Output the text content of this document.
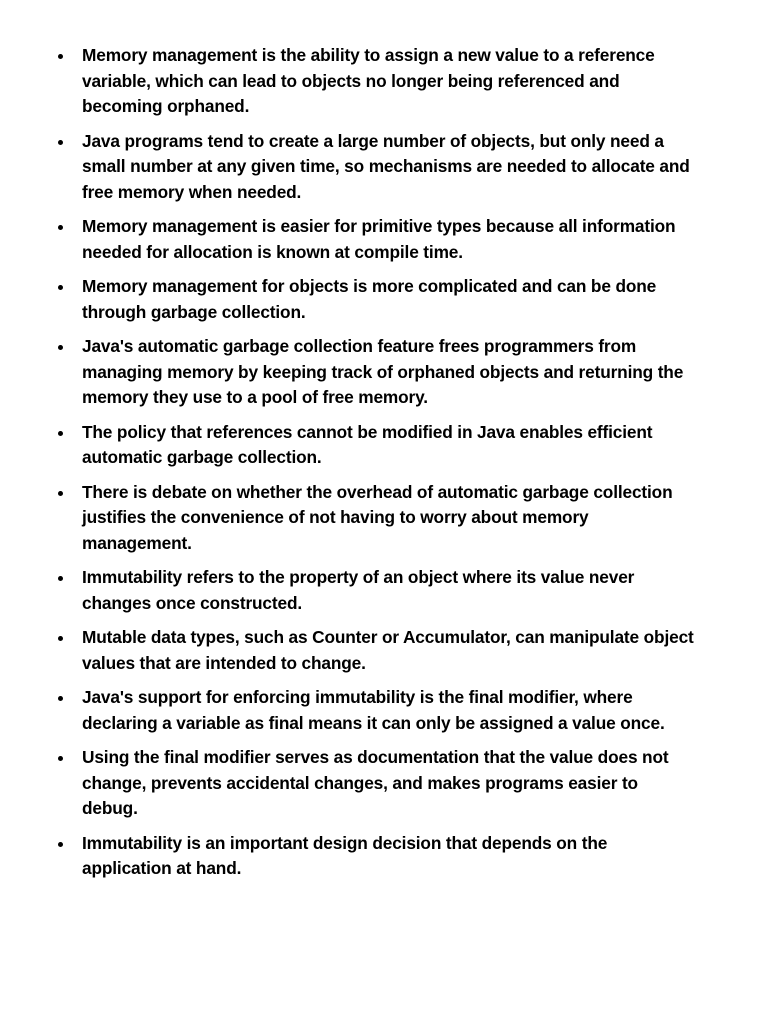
Memory management is the ability to assign a new value to a reference variable, which can lead to objects no longer being referenced and becoming orphaned.
Java programs tend to create a large number of objects, but only need a small number at any given time, so mechanisms are needed to allocate and free memory when needed.
Memory management is easier for primitive types because all information needed for allocation is known at compile time.
Memory management for objects is more complicated and can be done through garbage collection.
Java's automatic garbage collection feature frees programmers from managing memory by keeping track of orphaned objects and returning the memory they use to a pool of free memory.
The policy that references cannot be modified in Java enables efficient automatic garbage collection.
There is debate on whether the overhead of automatic garbage collection justifies the convenience of not having to worry about memory management.
Immutability refers to the property of an object where its value never changes once constructed.
Mutable data types, such as Counter or Accumulator, can manipulate object values that are intended to change.
Java's support for enforcing immutability is the final modifier, where declaring a variable as final means it can only be assigned a value once.
Using the final modifier serves as documentation that the value does not change, prevents accidental changes, and makes programs easier to debug.
Immutability is an important design decision that depends on the application at hand.
